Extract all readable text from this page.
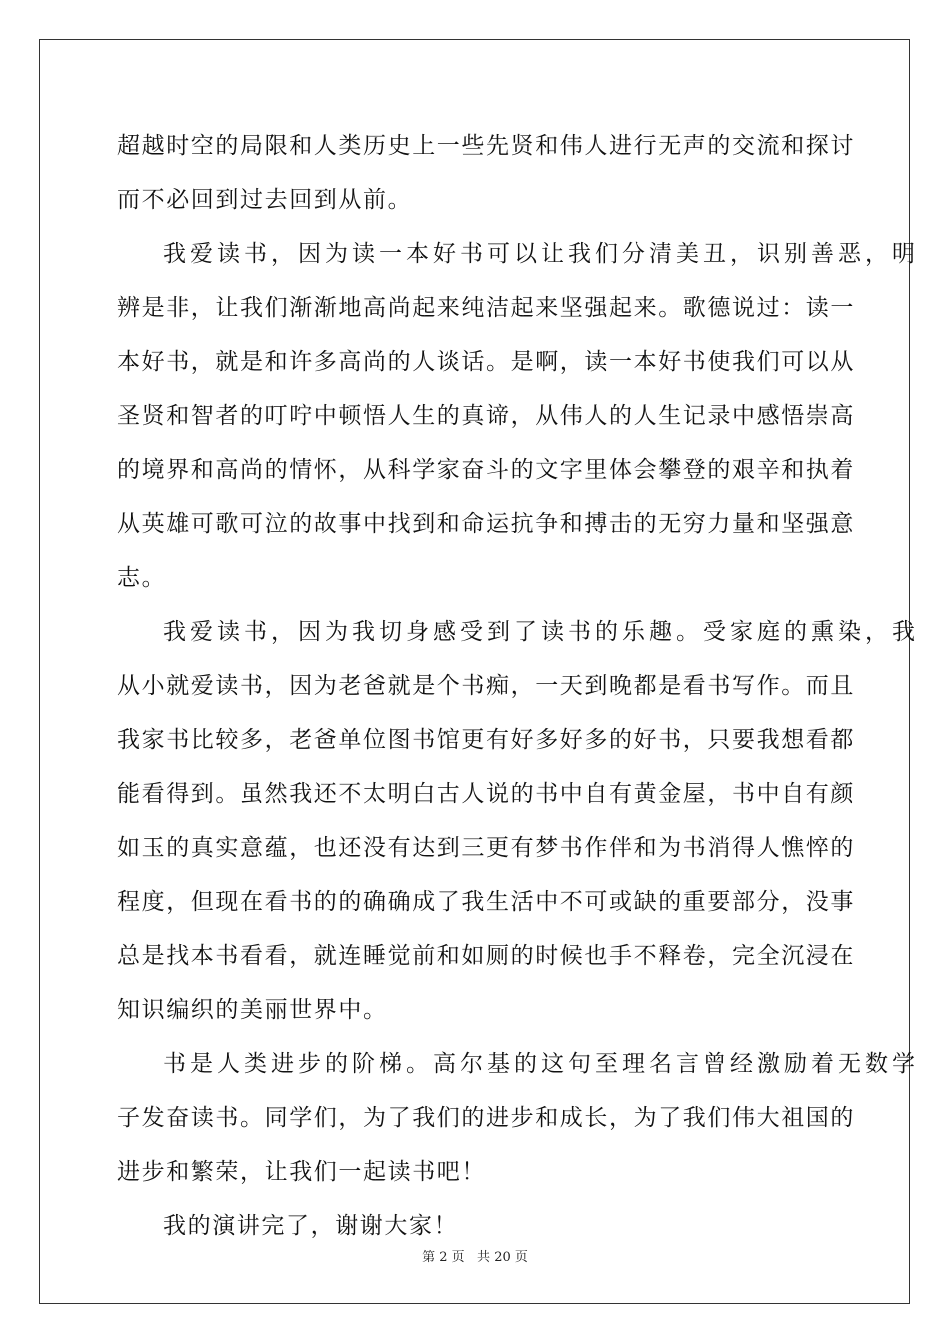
超越时空的局限和人类历史上一些先贤和伟人进行无声的交流和探讨
而不必回到过去回到从前。
我爱读书，因为读一本好书可以让我们分清美丑，识别善恶，明
辨是非，让我们渐渐地高尚起来纯洁起来坚强起来。歌德说过：读一
本好书，就是和许多高尚的人谈话。是啊，读一本好书使我们可以从
圣贤和智者的叮咛中顿悟人生的真谛，从伟人的人生记录中感悟崇高
的境界和高尚的情怀，从科学家奋斗的文字里体会攀登的艰辛和执着
从英雄可歌可泣的故事中找到和命运抗争和搏击的无穷力量和坚强意
志。
我爱读书，因为我切身感受到了读书的乐趣。受家庭的熏染，我
从小就爱读书，因为老爸就是个书痴，一天到晚都是看书写作。而且
我家书比较多，老爸单位图书馆更有好多好多的好书，只要我想看都
能看得到。虽然我还不太明白古人说的书中自有黄金屋，书中自有颜
如玉的真实意蕴，也还没有达到三更有梦书作伴和为书消得人憔悴的
程度，但现在看书的的确确成了我生活中不可或缺的重要部分，没事
总是找本书看看，就连睡觉前和如厕的时候也手不释卷，完全沉浸在
知识编织的美丽世界中。
书是人类进步的阶梯。高尔基的这句至理名言曾经激励着无数学
子发奋读书。同学们，为了我们的进步和成长，为了我们伟大祖国的
进步和繁荣，让我们一起读书吧！
我的演讲完了，谢谢大家！
第 2 页   共 20 页
